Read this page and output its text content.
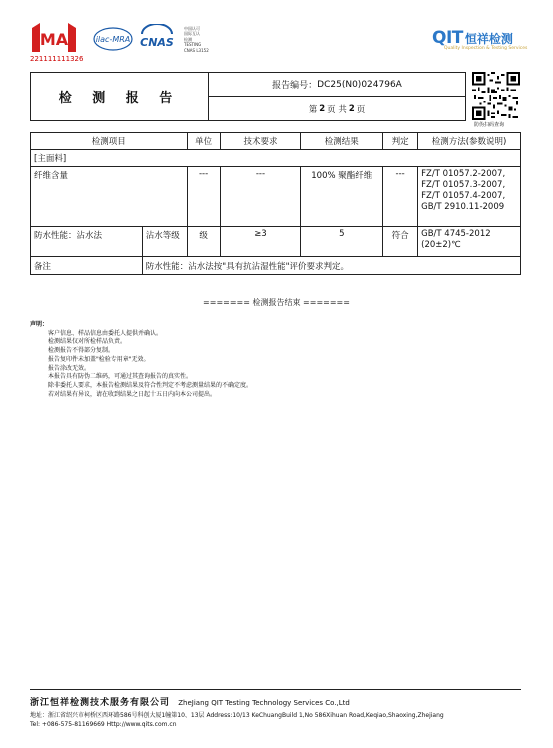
MA
221111111326
ilac-MRA CNAS
中国认可
国际互认
检测
TESTING
CNAS L3152
QIT 恒祥检测
Quality Inspection & Testing Services
检 测 报 告
报告编号： DC25(N0)024796A
第 2 页 共 2 页
防伪扫码查询
检测项目		单位	技术要求	检测结果	判定	检测方法(参数说明)
[主面料]						
纤维含量		---	---	100% 聚酯纤维	---	FZ/T 01057.2-2007,
FZ/T 01057.3-2007,
FZ/T 01057.4-2007,
GB/T 2910.11-2009

防水性能：沾水法	沾水等级	级	≥3	5	符合	GB/T 4745-2012
(20±2)℃

备注	防水性能：沾水法按"具有抗沾湿性能"评价要求判定。					
======= 检测报告结束 =======
声明：
客户信息、样品信息由委托人提供并确认。
检测结果仅对所检样品负责。
检测报告不得部分复制。
报告复印件未加盖"检验专用章"无效。
报告涂改无效。
本报告具有防伪二维码，可通过其查询报告的真实性。
除非委托人要求，本报告检测结果及符合性判定不考虑测量结果的不确定度。
若对结果有异议，请在收到结果之日起十五日内向本公司提出。
浙江恒祥检测技术服务有限公司 ZheJiang QIT Testing Technology Services Co.,Ltd
地址：浙江省绍兴市柯桥区西环路586号科创大厦1幢第10、13层 Address:10/13 KeChuangBuild 1,No 586Xihuan Road,Keqiao,Shaoxing,Zhejiang
Tel: +086-575-81169669 Http://www.qits.com.cn
